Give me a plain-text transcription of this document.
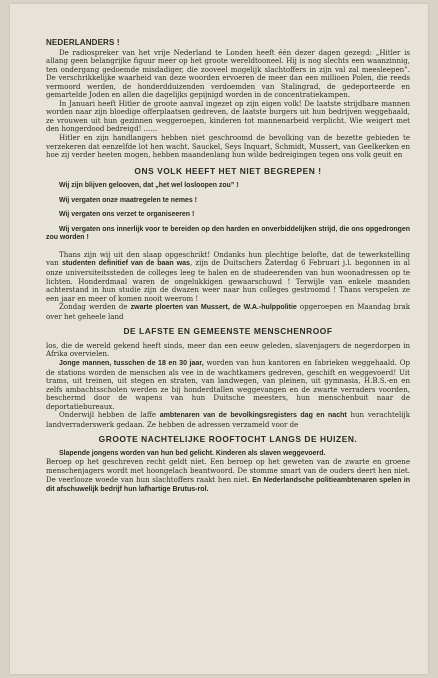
NEDERLANDERS !

De radiospreker van het vrije Nederland te Londen heeft één dezer dagen gezegd: „Hitler is allang geen belangrijke figuur meer op het groote wereldtooneel. Hij is nog slechts een waanzinnig, ten ondergang gedoemde misdadiger, die zooveel mogelijk slachtoffers in zijn val zal meesleepen”. De verschrikkelijke waarheid van deze woorden ervoeren de meer dan een millioen Polen, die reeds vermoord werden, de honderdduizenden verdoemden van Stalingrad, de gedeporteerde en gemartelde Joden en allen die dagelijks gepijnigd worden in de concentratiekampen.

In Januari heeft Hitler de groote aanval ingezet op zijn eigen volk! De laatste strijdbare mannen worden naar zijn bloedige offerplaatsen gedreven, de laatste burgers uit hun bedrijven weggehaald, ze vrouwen uit hun gezinnen weggeroepen, kinderen tot mannenarbeid verplicht. Wie weigert met den hongerdood bedreigd! ......

Hitler en zijn handlangers hebben niet geschroomd de bevolking van de bezette gebieden te verzekeren dat eenzelfde lot hen wacht. Sauckel, Seys Inquart, Schmidt, Mussert, van Geelkerken en hoe zij verder heeten mogen, hebben maandenlang hun wilde bedreigingen tegen ons volk geuit en

ONS VOLK HEEFT HET NIET BEGREPEN !

Wij zijn blijven gelooven, dat „het wel losloopen zou” !

Wij vergaten onze maatregelen te nemes !

Wij vergaten ons verzet te organiseeren !

Wij vergaten ons innerlijk voor te bereiden op den harden en onverbiddelijken strijd, die ons opgedrongen zou worden !

Thans zijn wij uit den slaap opgeschrikt! Ondanks hun plechtige belofte, dat de tewerkstelling van studenten definitief van de baan was, zijn de Duitschers Zaterdag 6 Februari j.l. begonnen in al onze universiteitssteden de colleges leeg te halen en de studeerenden van hun woonadressen op te lichten. Honderdmaal waren de ongelukkigen gewaarschuwd ! Terwijle van enkele maanden achterstand in hun studie zijn de dwazen weer naar hun colleges gestroomd ! Thans verspelen ze een jaar en meer of komen nooit weerom !

Zondag werden de zwarte ploerten van Mussert, de W.A.-hulppolitie opgeroepen en Maandag brak over het geheele land

DE LAFSTE EN GEMEENSTE MENSCHENROOF

los, die de wereld gekend heeft sinds, meer dan een eeuw geleden, slavenjagers de negerdorpen in Afrika overvielen.

Jonge mannen, tusschen de 18 en 30 jaar, worden van hun kantoren en fabrieken weggehaald. Op de stations worden de menschen als vee in de wachtkamers gedreven, geschift en weggevoerd! Uit trams, uit treinen, uit stegen en straten, van landwegen, van pleinen, uit gymnasia, H.B.S.-en en zelfs ambachtsscholen werden ze bij honderdtallen weggevangen en de zwarte verraders voorden, beschermd door de wapens van hun Duitsche meesters, hun menschenbuit naar de deportatiebureaux.

Onderwijl hebben de laffe ambtenaren van de bevolkingsregisters dag en nacht hun verachtelijk landverraderswerk gedaan. Ze hebben de adressen verzameld voor de

GROOTE NACHTELIJKE ROOFTOCHT LANGS DE HUIZEN.

Slapende jongens worden van hun bed gelicht. Kinderen als slaven weggevoerd.

Beroep op het geschreven recht geldt niet. Een beroep op het geweten van de zwarte en groene menschenjagers wordt met hoongelach beantwoord. De stomme smart van de ouders deert hen niet. De veerlooze woede van hun slachtoffers raakt hen niet. En Nederlandsche politieambtenaren spelen in dit afschuwelijk bedrijf hun lafhartige Brutus-rol.
